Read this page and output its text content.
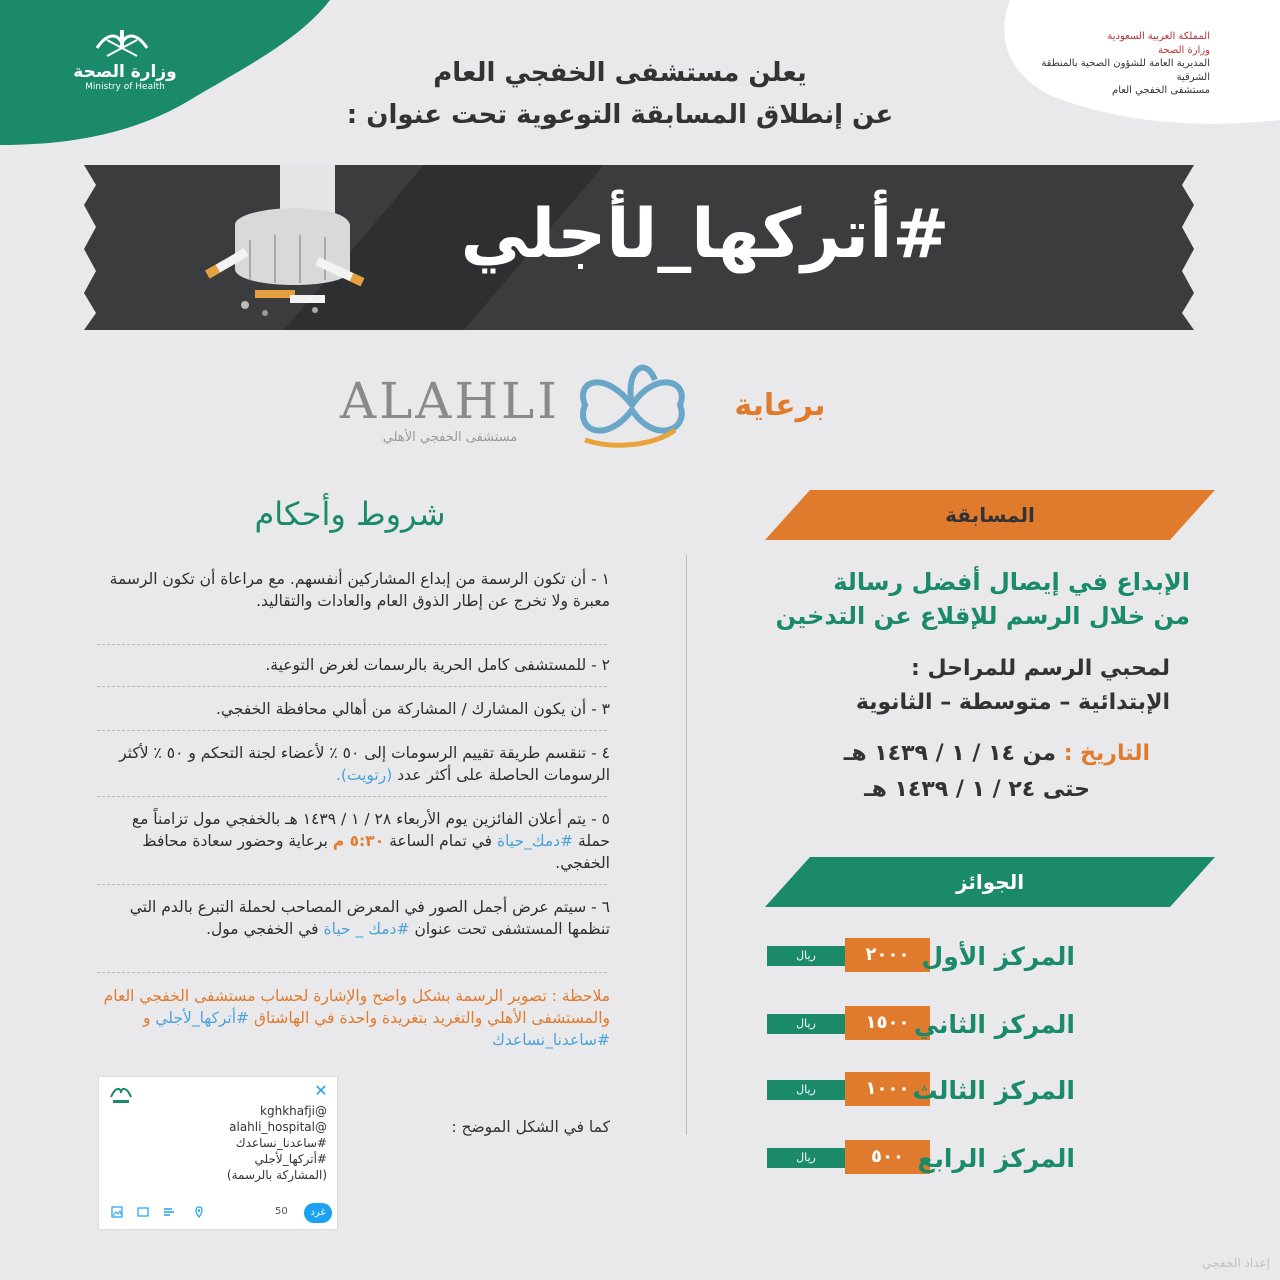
وزارة الصحة
Ministry of Health
المملكة العربية السعودية
وزارة الصحة
المديرية العامة للشؤون الصحية بالمنطقة الشرقية
مستشفى الخفجي العام
يعلن مستشفى الخفجي العام
عن إنطلاق المسابقة التوعوية تحت عنوان :
#أتركها_لأجلي
برعاية
ALAHLI
مستشفى الخفجي الأهلي
المسابقة
الإبداع في إيصال أفضل رسالة
من خلال الرسم للإقلاع عن التدخين
لمحبي الرسم للمراحل :
الإبتدائية – متوسطة – الثانوية
التاريخ : من ١٤ / ١ / ١٤٣٩ هـ
حتى ٢٤ / ١ / ١٤٣٩ هـ
الجوائز
ريال	٢٠٠٠ المركز الأول
ريال	١٥٠٠ المركز الثاني
ريال	١٠٠٠ المركز الثالث
ريال	٥٠٠ المركز الرابع
شروط وأحكام
١ - أن تكون الرسمة من إبداع المشاركين أنفسهم. مع مراعاة أن تكون الرسمة معبرة ولا تخرج عن إطار الذوق العام والعادات والتقاليد.
٢ - للمستشفى كامل الحرية بالرسمات لغرض التوعية.
٣ - أن يكون المشارك / المشاركة من أهالي محافظة الخفجي.
٤ - تنقسم طريقة تقييم الرسومات إلى ٥٠ ٪ لأعضاء لجنة التحكم و ٥٠ ٪ لأكثر الرسومات الحاصلة على أكثر عدد (رتويت).
٥ - يتم أعلان الفائزين يوم الأربعاء ٢٨ / ١ / ١٤٣٩ هـ بالخفجي مول تزامناً مع حملة #دمك_حياة في تمام الساعة ٥:٣٠ م برعاية وحضور سعادة محافظ الخفجي.
٦ - سيتم عرض أجمل الصور في المعرض المصاحب لحملة التبرع بالدم التي تنظمها المستشفى تحت عنوان #دمك _ حياة في الخفجي مول.
ملاحظة : تصوير الرسمة بشكل واضح والإشارة لحساب مستشفى الخفجي العام والمستشفى الأهلي والتغريد بتغريدة واحدة في الهاشتاق #أتركها_لأجلي و #ساعدنا_نساعدك
كما في الشكل الموضح :
✕
@kghkhafji
@alahli_hospital
#ساعدنا_نساعدك
#أتركها_لأجلي
(المشاركة بالرسمة)
50	غرد
إعداد الخفجي
